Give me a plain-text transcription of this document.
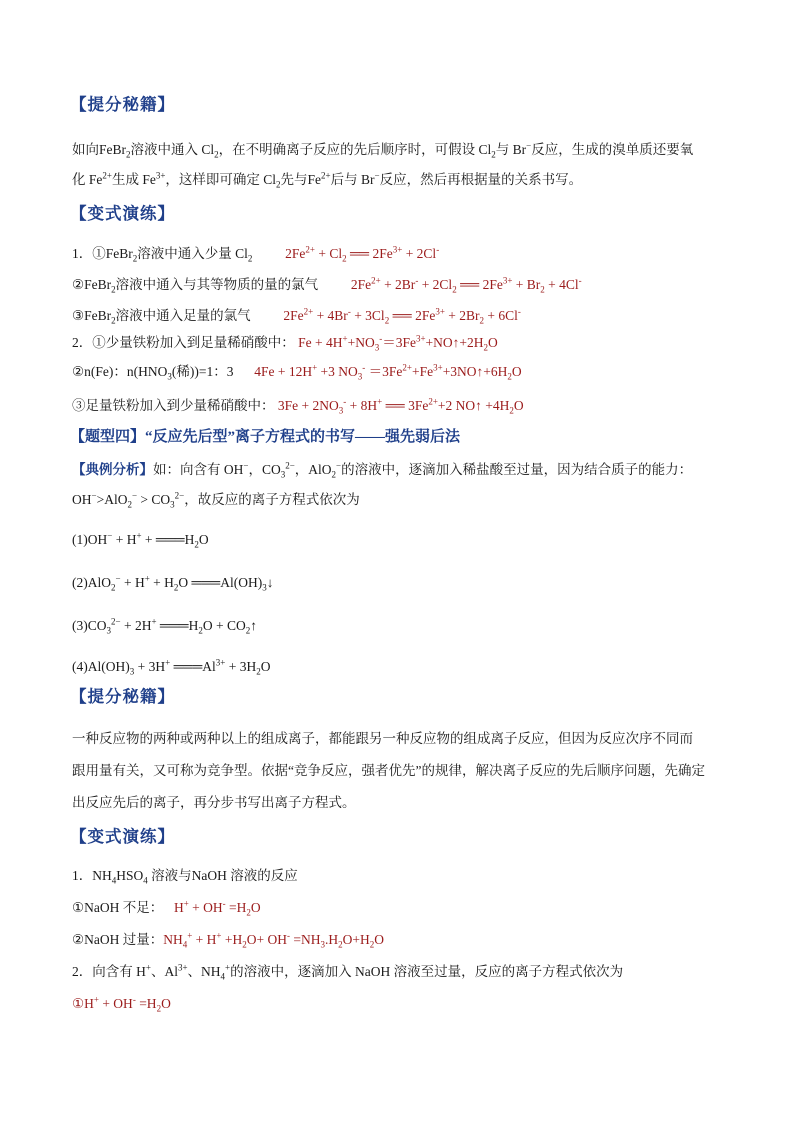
【提分秘籍】
如向FeBr$_2$溶液中通入 $Cl_2$，在不明确离子反应的先后顺序时，可假设 $Cl_2$与 Br−反应，生成的溴单质还要氧
化 $Fe^{2+}$生成 $Fe^{3+}$，这样即可确定 $Cl_2$先与$Fe^{2+}$后与 Br−反应，然后再根据量的关系书写。
【变式演练】
1．①FeBr$_2$溶液中通入少量 $Cl_2$ $2Fe^{2+} + Cl_2$ ══ $2Fe^{3+} + 2Cl^-$
②FeBr$_2$溶液中通入与其等物质的量的氯气 $2Fe^{2+} + 2Br^- + 2Cl_2$ ══ $2Fe^{3+} + Br_2 + 4Cl^-$
③FeBr$_2$溶液中通入足量的氯气 $2Fe^{2+} + 4Br^- + 3Cl_2$ ══ $2Fe^{3+} + 2Br_2 + 6Cl^-$
2．①少量铁粉加入到足量稀硝酸中： $Fe + 4H^++NO_3^-=3Fe^{3+}+NO↑+2H_2O$
②n(Fe)：$n(HNO_3$(稀))=1：3 4Fe + 12H+ +3 $NO_3^-$ $=3Fe^{2+}+Fe^{3+}+3NO↑+6H_2O$
③足量铁粉加入到少量稀硝酸中： $3Fe + 2NO_3^- + 8H^+$ ══ $3Fe^{2+}+2$ NO↑ $+4H_2O$
【题型四】“反应先后型”离子方程式的书写——强先弱后法
【典例分析】如：向含有 OH−，$CO_3^{2-}$，AlO$_2$−的溶液中，逐滴加入稀盐酸至过量，因为结合质子的能力：
$OH^->AlO_2^- > CO_3^{2-}$，故反应的离子方程式依次为
$(1)OH^- + H^+ + ═══H_2O$
$(2)AlO_2^- + H^+ + H_2O$ $═══Al(OH)_3↓$
$(3)CO_3^{2-} + 2H^+$ $═══H_2O$ + $CO_2↑$
$(4)Al(OH)_3 + 3H^+$ $═══Al^{3+} + 3H_2O$
【提分秘籍】
一种反应物的两种或两种以上的组成离子，都能跟另一种反应物的组成离子反应，但因为反应次序不同而
跟用量有关，又可称为竞争型。依据“竞争反应，强者优先”的规律，解决离子反应的先后顺序问题，先确定
出反应先后的离子，再分步书写出离子方程式。
【变式演练】
1．$NH_4HSO_4$ 溶液与NaOH 溶液的反应
①NaOH 不足： $H^+ + OH^- =H_2O$
②NaOH 过量：$NH_4^+ + H^+ +H_2O+ OH^- =NH_3.H_2O+H_2O$
2．向含有 H+、$Al^{3+}$、$NH_4^+$的溶液中，逐滴加入 NaOH 溶液至过量，反应的离子方程式依次为
①H+ + $OH^- =H_2O$
